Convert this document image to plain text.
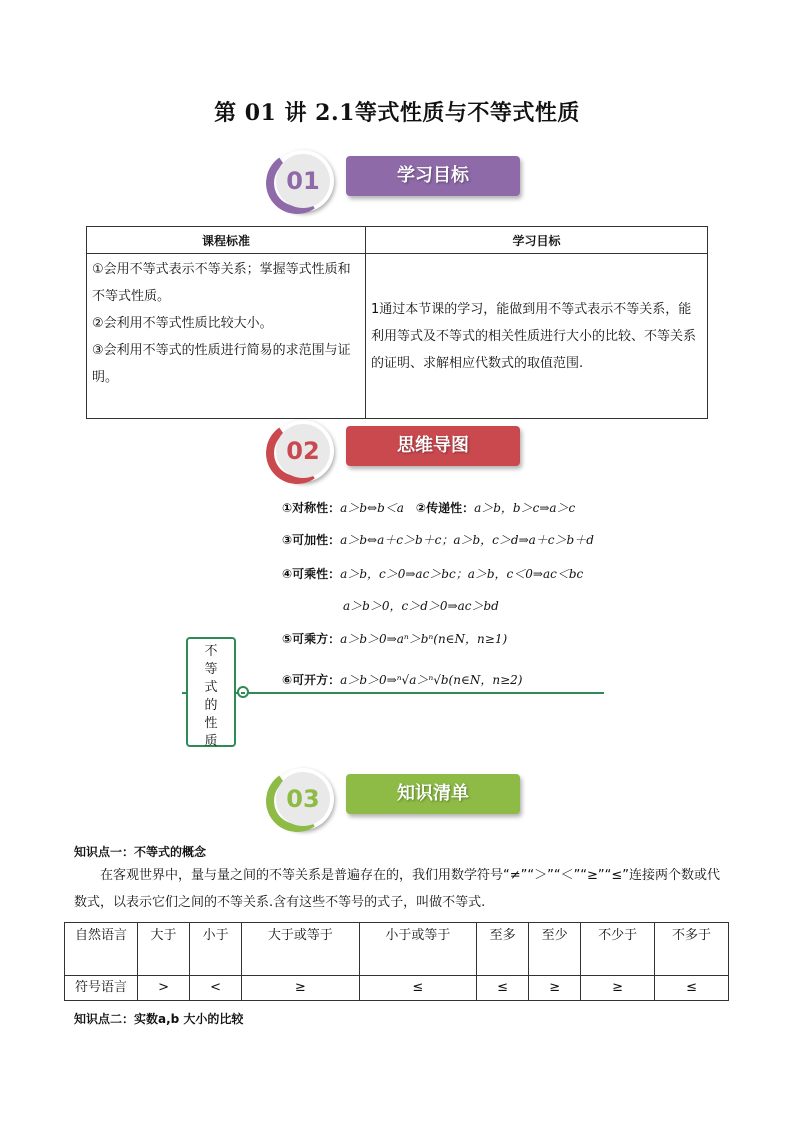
第 01 讲 2.1等式性质与不等式性质
01	学习目标
课程标准	学习目标

①会用不等式表示不等关系；掌握等式性质和不等式性质。
②会利用不等式性质比较大小。
③会利用不等式的性质进行简易的求范围与证明。	1通过本节课的学习，能做到用不等式表示不等关系，能利用等式及不等式的相关性质进行大小的比较、不等关系的证明、求解相应代数式的取值范围.
02	思维导图
①对称性：a＞b⇔b＜a　②传递性：a＞b，b＞c⇒a＞c
③可加性：a＞b⇔a＋c＞b＋c；a＞b，c＞d⇒a＋c＞b＋d
④可乘性：a＞b，c＞0⇒ac＞bc；a＞b，c＜0⇒ac＜bc
a＞b＞0，c＞d＞0⇒ac＞bd
⑤可乘方：a＞b＞0⇒aⁿ＞bⁿ(n∈N，n≥1)
⑥可开方：a＞b＞0⇒ⁿ√a＞ⁿ√b(n∈N，n≥2)
不
等
式
的
性
质
03	知识清单
知识点一：不等式的概念
在客观世界中，量与量之间的不等关系是普遍存在的，我们用数学符号“≠”“＞”“＜”“≥”“≤”连接两个数或代数式，以表示它们之间的不等关系.含有这些不等号的式子，叫做不等式.
自然语言	大于	小于	大于或等于	小于或等于	至多	至少	不少于	不多于
符号语言	>	<	≥	≤	≤	≥	≥	≤
知识点二：实数a,b 大小的比较
